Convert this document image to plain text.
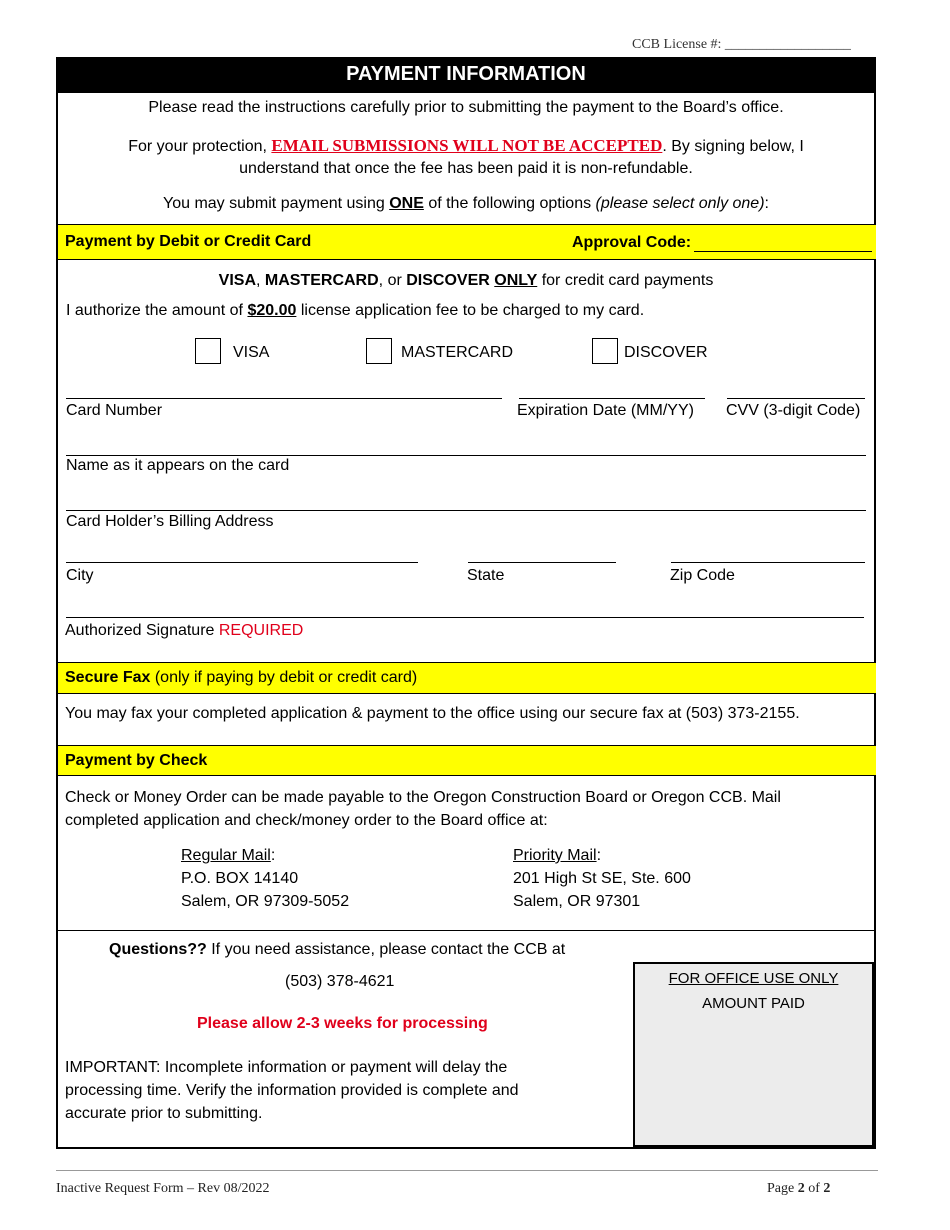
CCB License #: __________________
PAYMENT INFORMATION
Please read the instructions carefully prior to submitting the payment to the Board’s office.
For your protection, EMAIL SUBMISSIONS WILL NOT BE ACCEPTED. By signing below, I
understand that once the fee has been paid it is non-refundable.
You may submit payment using ONE of the following options (please select only one):
Payment by Debit or Credit Card	Approval Code:
VISA, MASTERCARD, or DISCOVER ONLY for credit card payments
I authorize the amount of $20.00 license application fee to be charged to my card.
VISA	MASTERCARD	DISCOVER
Card Number	Expiration Date (MM/YY) CVV (3-digit Code)
Name as it appears on the card
Card Holder’s Billing Address
City	State	Zip Code
Authorized Signature REQUIRED
Secure Fax (only if paying by debit or credit card)
You may fax your completed application & payment to the office using our secure fax at (503) 373-2155.
Payment by Check
Check or Money Order can be made payable to the Oregon Construction Board or Oregon CCB. Mail
completed application and check/money order to the Board office at:
Regular Mail:
P.O. BOX 14140
Salem, OR 97309-5052
Priority Mail:
201 High St SE, Ste. 600
Salem, OR 97301
Questions?? If you need assistance, please contact the CCB at
(503) 378-4621
Please allow 2-3 weeks for processing
IMPORTANT: Incomplete information or payment will delay the
processing time. Verify the information provided is complete and
accurate prior to submitting.
FOR OFFICE USE ONLY
AMOUNT PAID
Inactive Request Form – Rev 08/2022	Page 2 of 2
